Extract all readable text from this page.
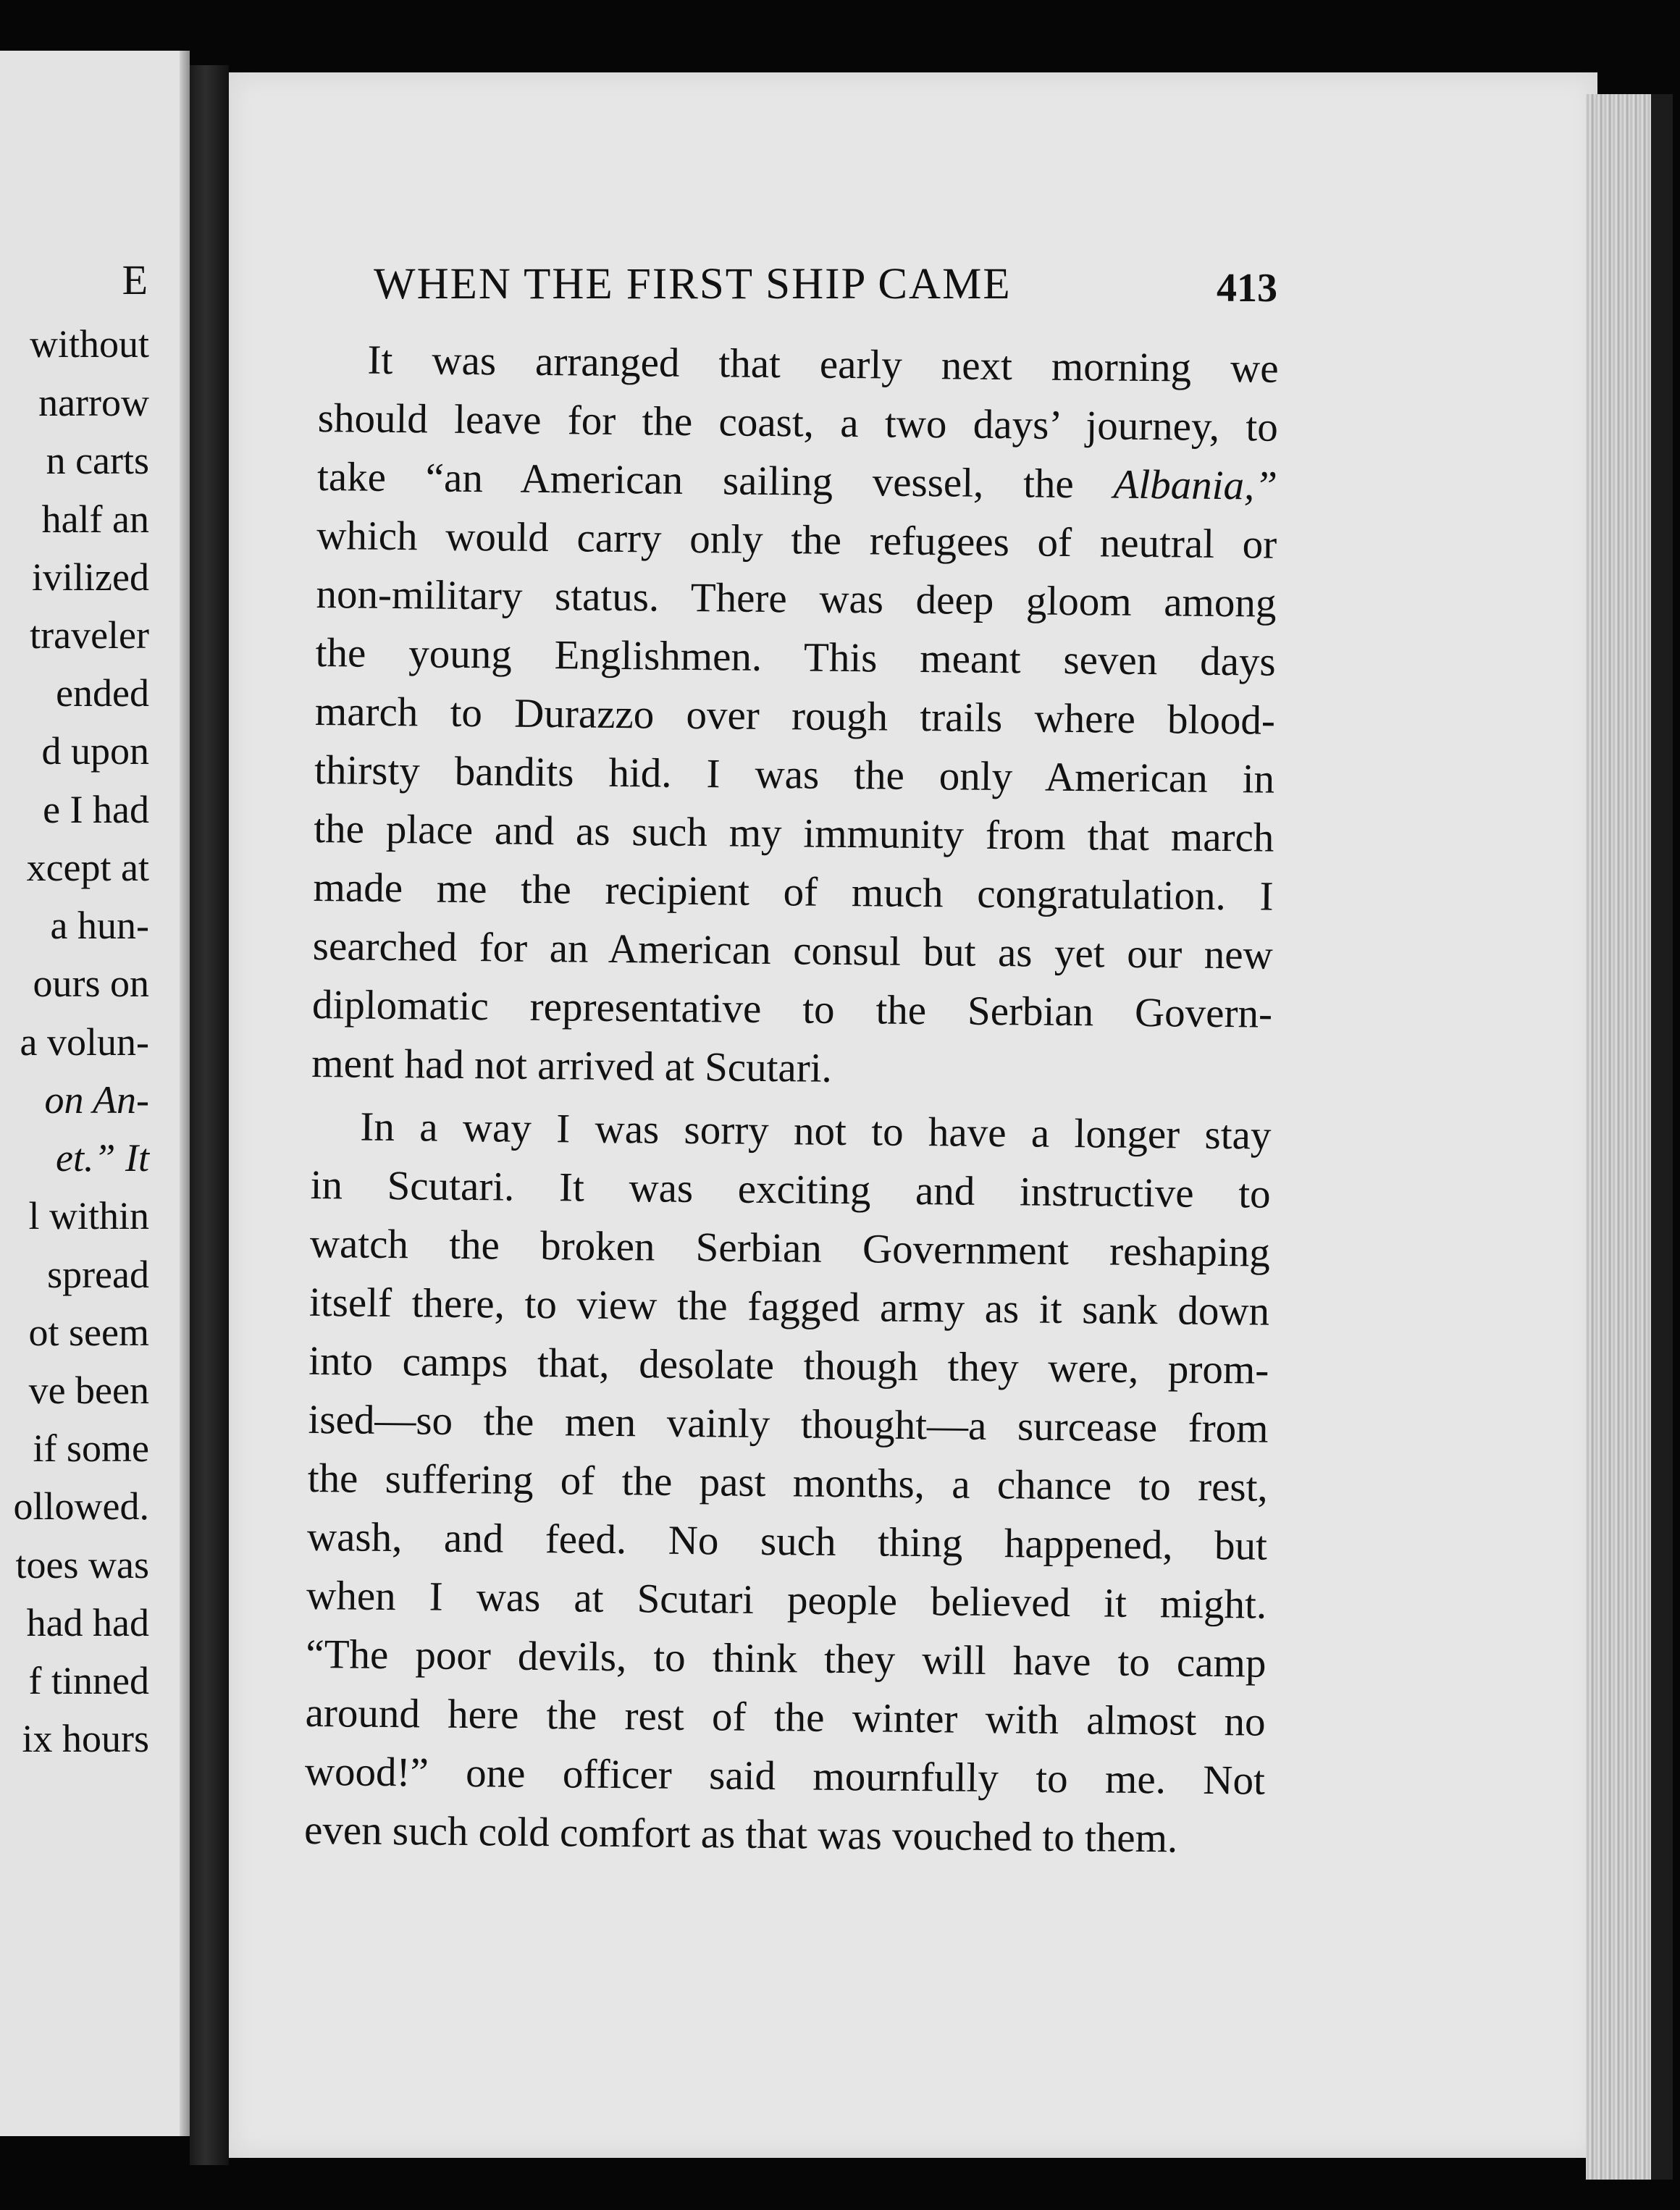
E
without
narrow
n carts
half an
ivilized
traveler
ended
d upon
e I had
xcept at
a hun-
ours on
a volun-
on An-
et.” It
l within
spread
ot seem
ve been
if some
ollowed.
toes was
had had
f tinned
ix hours
WHEN THE FIRST SHIP CAME	413
It was arranged that early next morning we
should leave for the coast, a two days’ journey, to
take “an American sailing vessel, the Albania,”
which would carry only the refugees of neutral or
non-military status. There was deep gloom among
the young Englishmen. This meant seven days
march to Durazzo over rough trails where blood-
thirsty bandits hid. I was the only American in
the place and as such my immunity from that march
made me the recipient of much congratulation. I
searched for an American consul but as yet our new
diplomatic representative to the Serbian Govern-
ment had not arrived at Scutari.
In a way I was sorry not to have a longer stay
in Scutari. It was exciting and instructive to
watch the broken Serbian Government reshaping
itself there, to view the fagged army as it sank down
into camps that, desolate though they were, prom-
ised—so the men vainly thought—a surcease from
the suffering of the past months, a chance to rest,
wash, and feed. No such thing happened, but
when I was at Scutari people believed it might.
“The poor devils, to think they will have to camp
around here the rest of the winter with almost no
wood!” one officer said mournfully to me. Not
even such cold comfort as that was vouched to them.
